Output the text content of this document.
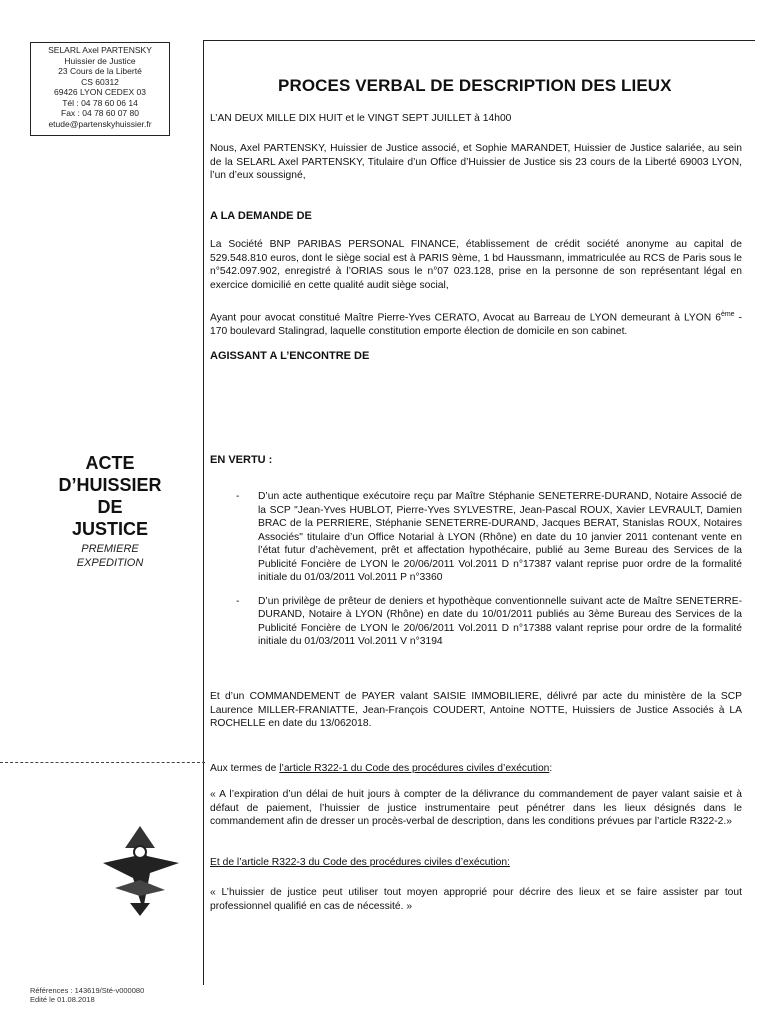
SELARL Axel PARTENSKY
Huissier de Justice
23 Cours de la Liberté
CS 60312
69426 LYON CEDEX 03
Tél : 04 78 60 06 14
Fax : 04 78 60 07 80
etude@partenskyhuissier.fr
ACTE
D’HUISSIER
DE
JUSTICE
PREMIERE
EXPEDITION
Références : 143619/Sté-v000080
Edité le 01.08.2018
PROCES VERBAL DE DESCRIPTION DES LIEUX
L’AN DEUX MILLE DIX HUIT et le VINGT SEPT JUILLET à 14h00
Nous, Axel PARTENSKY, Huissier de Justice associé, et Sophie MARANDET, Huissier de Justice salariée, au sein de la SELARL Axel PARTENSKY, Titulaire d’un Office d’Huissier de Justice sis 23 cours de la Liberté 69003 LYON, l’un d’eux soussigné,
A LA DEMANDE DE
La Société BNP PARIBAS PERSONAL FINANCE, établissement de crédit société anonyme au capital de 529.548.810 euros, dont le siège social est à PARIS 9ème, 1 bd Haussmann, immatriculée au RCS de Paris sous le n°542.097.902, enregistré à l’ORIAS sous le n°07 023.128, prise en la personne de son représentant légal en exercice domicilié en cette qualité audit siège social,
Ayant pour avocat constitué Maître Pierre-Yves CERATO, Avocat au Barreau de LYON demeurant à LYON 6ème - 170 boulevard Stalingrad, laquelle constitution emporte élection de domicile en son cabinet.
AGISSANT A L’ENCONTRE DE
EN VERTU :
- D’un acte authentique exécutoire reçu par Maître Stéphanie SENETERRE-DURAND, Notaire Associé de la SCP "Jean-Yves HUBLOT, Pierre-Yves SYLVESTRE, Jean-Pascal ROUX, Xavier LEVRAULT, Damien BRAC de la PERRIERE, Stéphanie SENETERRE-DURAND, Jacques BERAT, Stanislas ROUX, Notaires Associés" titulaire d’un Office Notarial à LYON (Rhône) en date du 10 janvier 2011 contenant vente en l’état futur d’achèvement, prêt et affectation hypothécaire, publié au 3eme Bureau des Services de la Publicité Foncière de LYON le 20/06/2011 Vol.2011 D n°17387 valant reprise puor ordre de la formalité initiale du 01/03/2011 Vol.2011 P n°3360
- D’un privilège de prêteur de deniers et hypothèque conventionnelle suivant acte de Maître SENETERRE-DURAND, Notaire à LYON (Rhône) en date du 10/01/2011 publiés au 3ème Bureau des Services de la Publicité Foncière de LYON le 20/06/2011 Vol.2011 D n°17388 valant reprise pour ordre de la formalité initiale du 01/03/2011 Vol.2011 V n°3194
Et d’un COMMANDEMENT de PAYER valant SAISIE IMMOBILIERE, délivré par acte du ministère de la SCP Laurence MILLER-FRANIATTE, Jean-François COUDERT, Antoine NOTTE, Huissiers de Justice Associés à LA ROCHELLE en date du 13/062018.
Aux termes de l’article R322-1 du Code des procédures civiles d’exécution:
« A l’expiration d’un délai de huit jours à compter de la délivrance du commandement de payer valant saisie et à défaut de paiement, l’huissier de justice instrumentaire peut pénétrer dans les lieux désignés dans le commandement afin de dresser un procès-verbal de description, dans les conditions prévues par l’article R322-2.»
Et de l’article R322-3 du Code des procédures civiles d’exécution:
« L’huissier de justice peut utiliser tout moyen approprié pour décrire des lieux et se faire assister par tout professionnel qualifié en cas de nécessité. »
